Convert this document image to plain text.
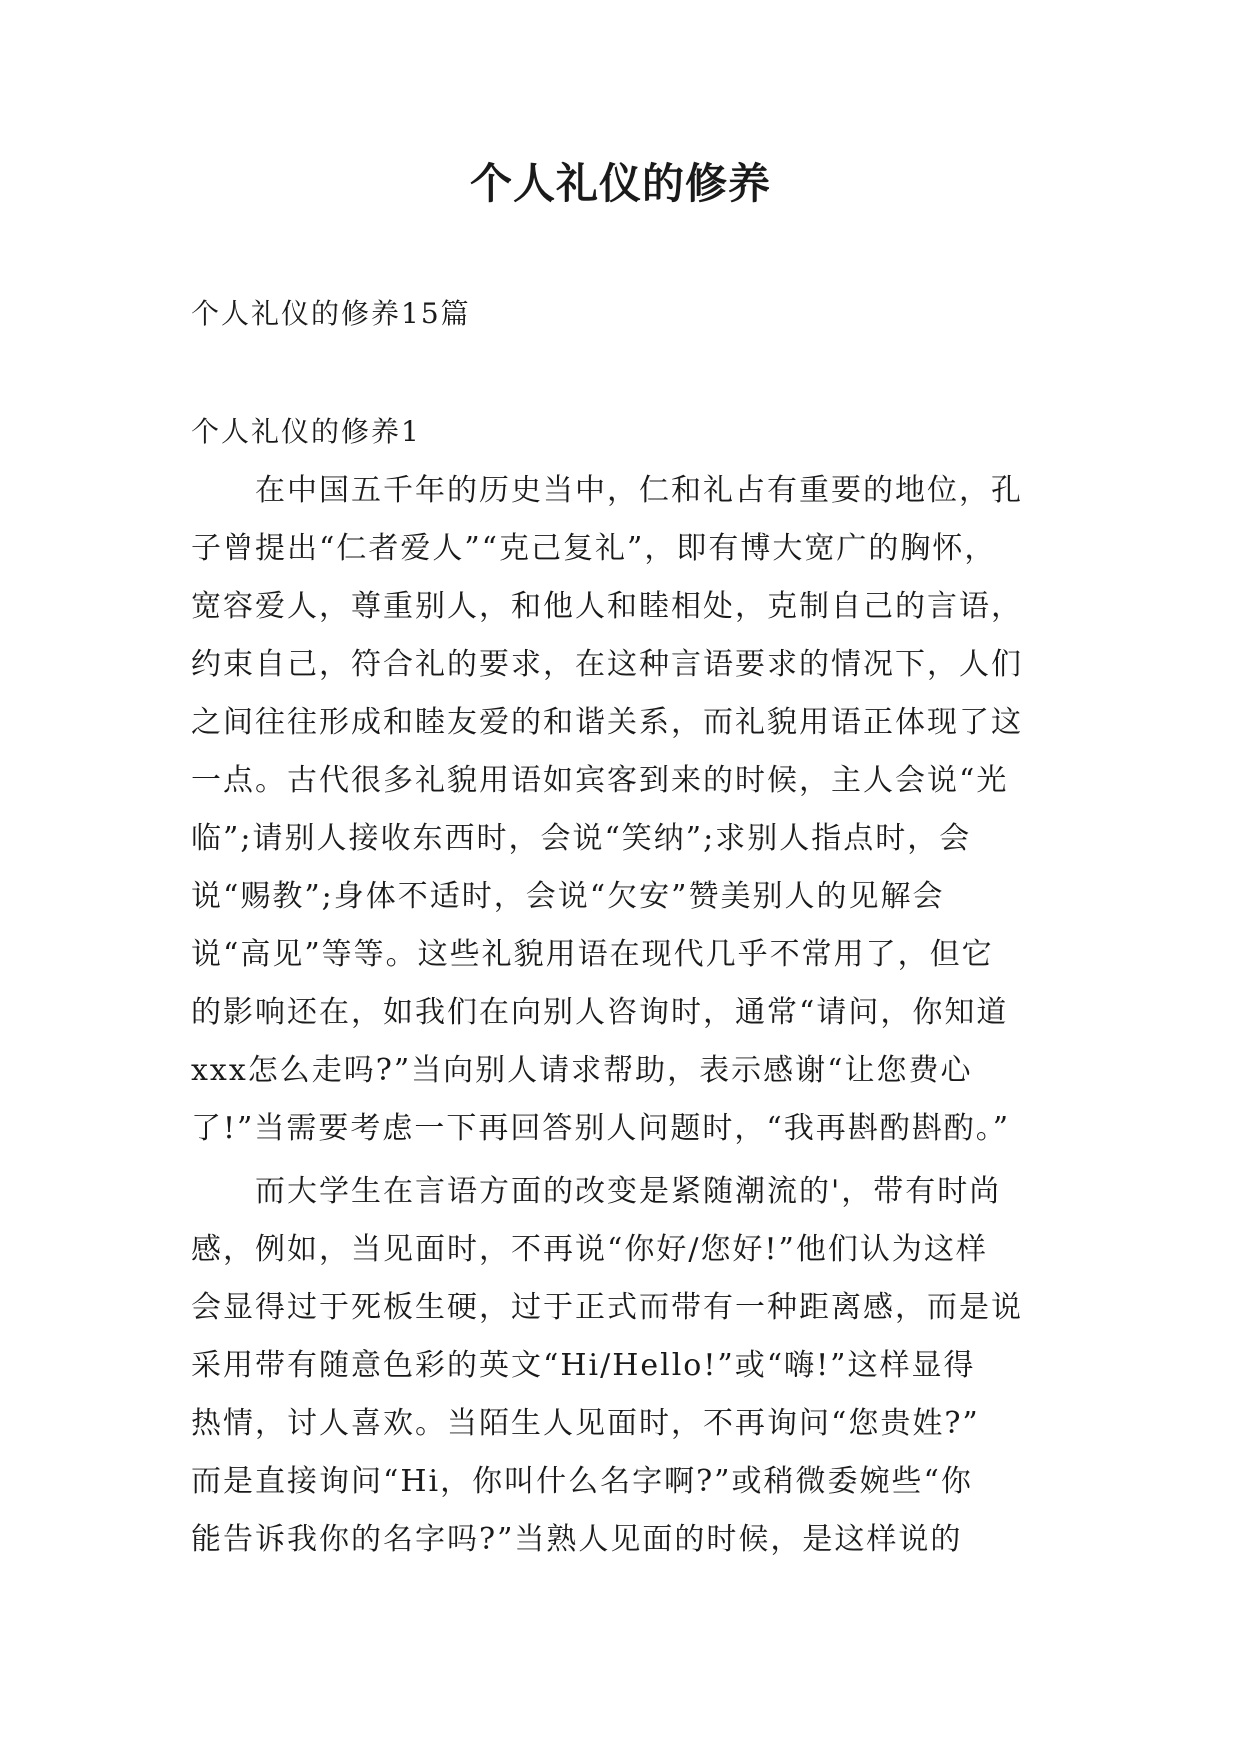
个人礼仪的修养

个人礼仪的修养15篇

个人礼仪的修养1

在中国五千年的历史当中，仁和礼占有重要的地位，孔
子曾提出“仁者爱人”“克己复礼”，即有博大宽广的胸怀，
宽容爱人，尊重别人，和他人和睦相处，克制自己的言语，
约束自己，符合礼的要求，在这种言语要求的情况下，人们
之间往往形成和睦友爱的和谐关系，而礼貌用语正体现了这
一点。古代很多礼貌用语如宾客到来的时候，主人会说“光
临”;请别人接收东西时，会说“笑纳”;求别人指点时，会
说“赐教”;身体不适时，会说“欠安”赞美别人的见解会
说“高见”等等。这些礼貌用语在现代几乎不常用了，但它
的影响还在，如我们在向别人咨询时，通常“请问，你知道
xxx怎么走吗?”当向别人请求帮助，表示感谢“让您费心
了!”当需要考虑一下再回答别人问题时，“我再斟酌斟酌。”
而大学生在言语方面的改变是紧随潮流的'，带有时尚
感，例如，当见面时，不再说“你好/您好!”他们认为这样
会显得过于死板生硬，过于正式而带有一种距离感，而是说
采用带有随意色彩的英文“Hi/Hello!”或“嗨!”这样显得
热情，讨人喜欢。当陌生人见面时，不再询问“您贵姓?”
而是直接询问“Hi，你叫什么名字啊?”或稍微委婉些“你
能告诉我你的名字吗?”当熟人见面的时候，是这样说的
